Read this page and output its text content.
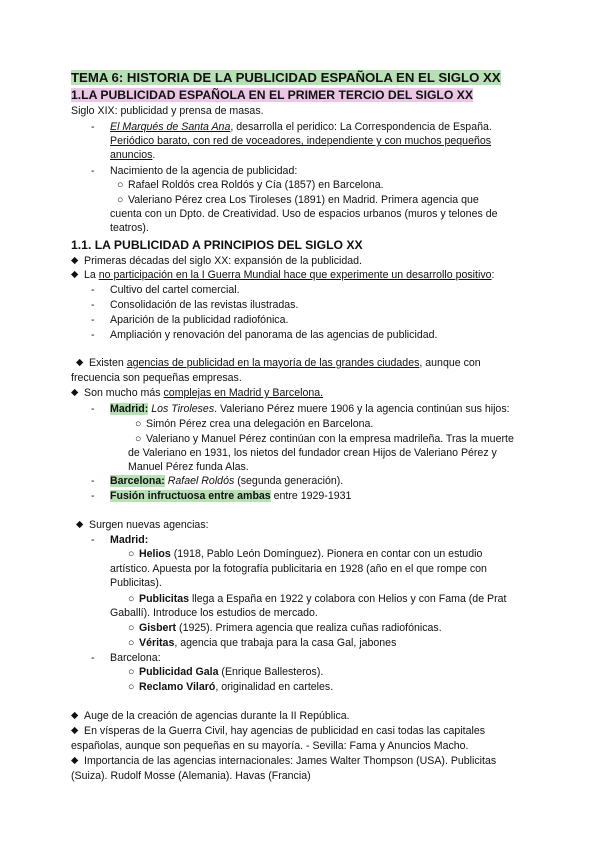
TEMA 6: HISTORIA DE LA PUBLICIDAD ESPAÑOLA EN EL SIGLO XX
1.LA PUBLICIDAD ESPAÑOLA EN EL PRIMER TERCIO DEL SIGLO XX
Siglo XIX: publicidad y prensa de masas.
- El Marqués de Santa Ana, desarrolla el peridico: La Correspondencia de España.
Periódico barato, con red de voceadores, independiente y con muchos pequeños
anuncios.
- Nacimiento de la agencia de publicidad:
○ Rafael Roldós crea Roldós y Cía (1857) en Barcelona.
○ Valeriano Pérez crea Los Tiroleses (1891) en Madrid. Primera agencia que
cuenta con un Dpto. de Creatividad. Uso de espacios urbanos (muros y telones de
teatros).
1.1. LA PUBLICIDAD A PRINCIPIOS DEL SIGLO XX
◆ Primeras décadas del siglo XX: expansión de la publicidad.
◆ La no participación en la I Guerra Mundial hace que experimente un desarrollo positivo:
- Cultivo del cartel comercial.
- Consolidación de las revistas ilustradas.
- Aparición de la publicidad radiofónica.
- Ampliación y renovación del panorama de las agencias de publicidad.
◆ Existen agencias de publicidad en la mayoría de las grandes ciudades, aunque con
frecuencia son pequeñas empresas.
◆ Son mucho más complejas en Madrid y Barcelona.
- Madrid: Los Tiroleses. Valeriano Pérez muere 1906 y la agencia continúan sus hijos:
○ Simón Pérez crea una delegación en Barcelona.
○ Valeriano y Manuel Pérez continúan con la empresa madrileña. Tras la muerte
de Valeriano en 1931, los nietos del fundador crean Hijos de Valeriano Pérez y
Manuel Pérez funda Alas.
- Barcelona: Rafael Roldós (segunda generación).
- Fusión infructuosa entre ambas entre 1929-1931
◆ Surgen nuevas agencias:
- Madrid:
○ Helios (1918, Pablo León Domínguez). Pionera en contar con un estudio
artístico. Apuesta por la fotografía publicitaria en 1928 (año en el que rompe con
Publicitas).
○ Publicitas llega a España en 1922 y colabora con Helios y con Fama (de Prat
Gaballí). Introduce los estudios de mercado.
○ Gisbert (1925). Primera agencia que realiza cuñas radiofónicas.
○ Véritas, agencia que trabaja para la casa Gal, jabones
- Barcelona:
○ Publicidad Gala (Enrique Ballesteros).
○ Reclamo Vilaró, originalidad en carteles.
◆ Auge de la creación de agencias durante la II República.
◆ En vísperas de la Guerra Civil, hay agencias de publicidad en casi todas las capitales
españolas, aunque son pequeñas en su mayoría. - Sevilla: Fama y Anuncios Macho.
◆ Importancia de las agencias internacionales: James Walter Thompson (USA). Publicitas
(Suiza). Rudolf Mosse (Alemania). Havas (Francia)
